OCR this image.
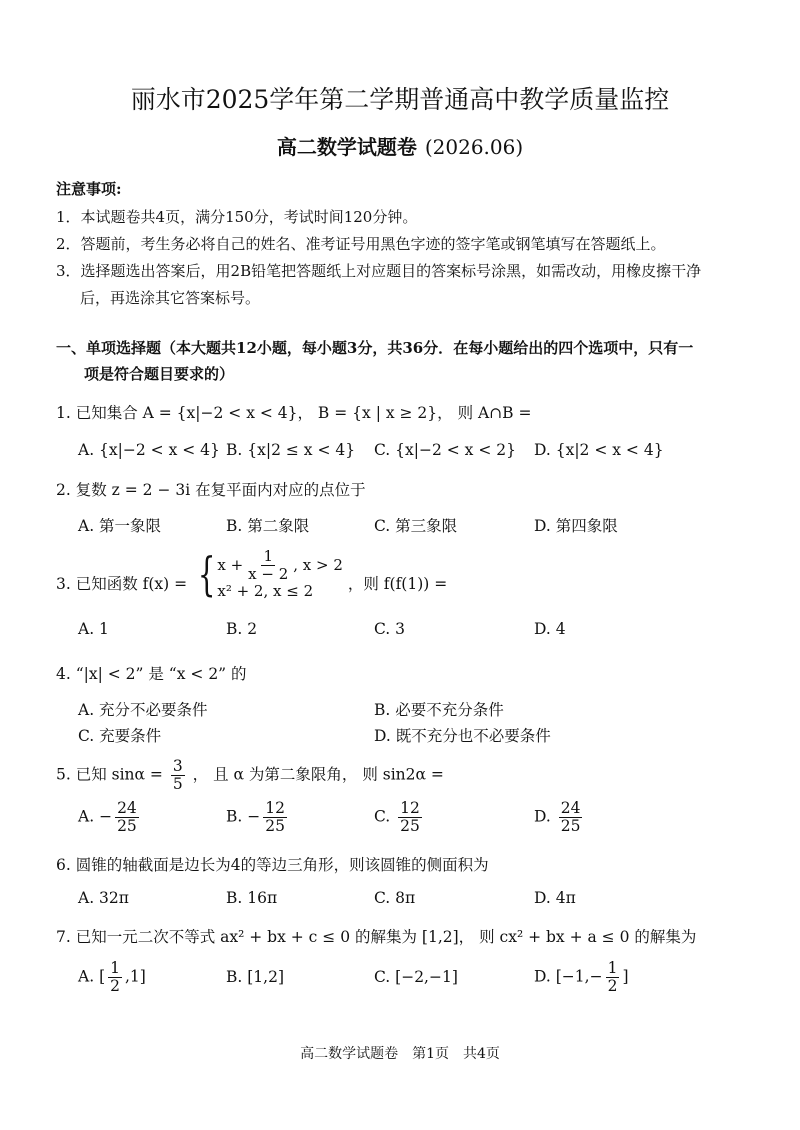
丽水市2025学年第二学期普通高中教学质量监控
高二数学试题卷 (2026.06)
注意事项:
1．本试题卷共4页，满分150分，考试时间120分钟。
2．答题前，考生务必将自己的姓名、准考证号用黑色字迹的签字笔或钢笔填写在答题纸上。
3．选择题选出答案后，用2B铅笔把答题纸上对应题目的答案标号涂黑，如需改动，用橡皮擦干净
后，再选涂其它答案标号。
一、单项选择题（本大题共12小题，每小题3分，共36分．在每小题给出的四个选项中，只有一
项是符合题目要求的）
1. 已知集合 A = {x|−2 < x < 4}， B = {x | x ≥ 2}， 则 A∩B =
A. {x|−2 < x < 4} B. {x|2 ≤ x < 4} C. {x|−2 < x < 2} D. {x|2 < x < 4}
2. 复数 z = 2 − 3i 在复平面内对应的点位于
A. 第一象限	B. 第二象限	C. 第三象限	D. 第四象限
3. 已知函数 f(x) = { $x + \frac{1}{x - 2}$ , x > 2
x² + 2, x ≤ 2	，则 f(f(1)) =
A. 1	B. 2	C. 3	D. 4
4. “|x| < 2” 是 “x < 2” 的
A. 充分不必要条件	B. 必要不充分条件
C. 充要条件	D. 既不充分也不必要条件
5. 已知 $\sin\alpha = \frac{3}{5}$ ， 且 α 为第二象限角， 则 sin2α =
A. − $\frac{24}{25}$	B. − $\frac{12}{25}$	C. $\frac{12}{25}$	D. $\frac{24}{25}$
6. 圆锥的轴截面是边长为4的等边三角形，则该圆锥的侧面积为
A. 32π	B. 16π	C. 8π	D. 4π
7. 已知一元二次不等式 ax² + bx + c ≤ 0 的解集为 [1,2]， 则 cx² + bx + a ≤ 0 的解集为
A. [ $\frac{1}{2} ,1$]	B. [1,2]	C. [−2,−1]	D. [$-1,- \frac{1}{2}$ ]
高二数学试题卷　第1页　共4页
